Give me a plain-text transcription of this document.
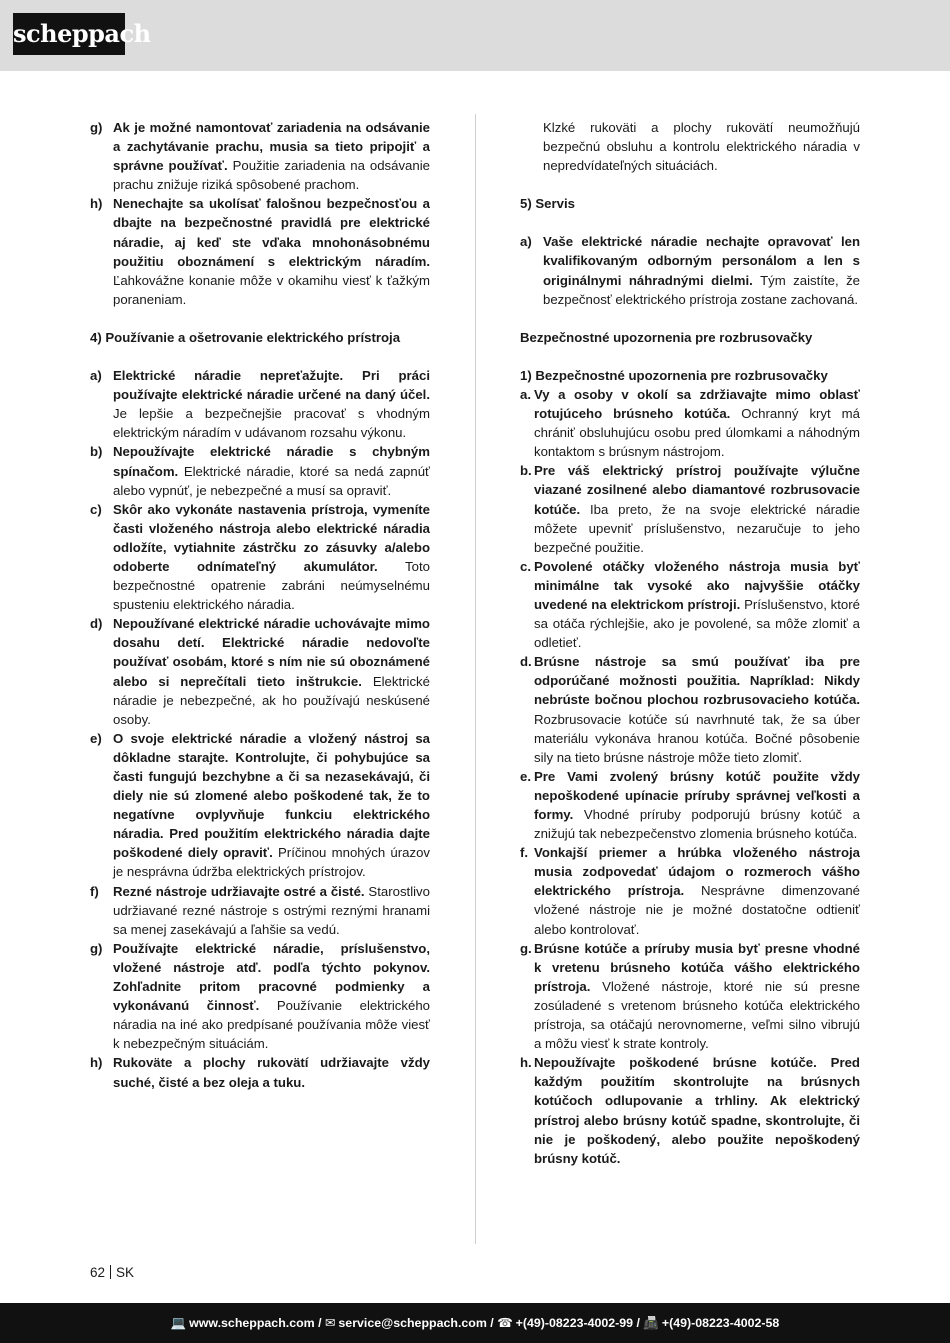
scheppach
g) Ak je možné namontovať zariadenia na odsávanie a zachytávanie prachu, musia sa tieto pripojiť a správne používať. Použitie zariadenia na odsávanie prachu znižuje riziká spôsobené prachom.
h) Nenechajte sa ukolísať falošnou bezpečnosťou a dbajte na bezpečnostné pravidlá pre elektrické náradie, aj keď ste vďaka mnohonásobnému použitiu oboznámení s elektrickým náradím. Ľahkovážne konanie môže v okamihu viesť k ťažkým poraneniam.
4) Používanie a ošetrovanie elektrického prístroja
a) Elektrické náradie nepreťažujte. Pri práci používajte elektrické náradie určené na daný účel. Je lepšie a bezpečnejšie pracovať s vhodným elektrickým náradím v udávanom rozsahu výkonu.
b) Nepoužívajte elektrické náradie s chybným spínačom. Elektrické náradie, ktoré sa nedá zapnúť alebo vypnúť, je nebezpečné a musí sa opraviť.
c) Skôr ako vykonáte nastavenia prístroja, vymeníte časti vloženého nástroja alebo elektrické náradia odložíte, vytiahnite zástrčku zo zásuvky a/alebo odoberte odnímateľný akumulátor. Toto bezpečnostné opatrenie zabráni neúmyselnému spusteniu elektrického náradia.
d) Nepoužívané elektrické náradie uchovávajte mimo dosahu detí. Elektrické náradie nedovoľte používať osobám, ktoré s ním nie sú oboznámené alebo si neprečítali tieto inštrukcie. Elektrické náradie je nebezpečné, ak ho používajú neskúsené osoby.
e) O svoje elektrické náradie a vložený nástroj sa dôkladne starajte. Kontrolujte, či pohybujúce sa časti fungujú bezchybne a či sa nezasekávajú, či diely nie sú zlomené alebo poškodené tak, že to negatívne ovplyvňuje funkciu elektrického náradia. Pred použitím elektrického náradia dajte poškodené diely opraviť. Príčinou mnohých úrazov je nesprávna údržba elektrických prístrojov.
f) Rezné nástroje udržiavajte ostré a čisté. Starostlivo udržiavané rezné nástroje s ostrými reznými hranami sa menej zasekávajú a ľahšie sa vedú.
g) Používajte elektrické náradie, príslušenstvo, vložené nástroje atď. podľa týchto pokynov. Zohľadnite pritom pracovné podmienky a vykonávanú činnosť. Používanie elektrického náradia na iné ako predpísané používania môže viesť k nebezpečným situáciám.
h) Rukoväte a plochy rukovätí udržiavajte vždy suché, čisté a bez oleja a tuku.
Klzké rukoväti a plochy rukovätí neumožňujú bezpečnú obsluhu a kontrolu elektrického náradia v nepredvídateľných situáciách.
5) Servis
a) Vaše elektrické náradie nechajte opravovať len kvalifikovaným odborným personálom a len s originálnymi náhradnými dielmi. Tým zaistíte, že bezpečnosť elektrického prístroja zostane zachovaná.
Bezpečnostné upozornenia pre rozbrusovačky
1) Bezpečnostné upozornenia pre rozbrusovačky
a. Vy a osoby v okolí sa zdržiavajte mimo oblasť rotujúceho brúsneho kotúča. Ochranný kryt má chrániť obsluhujúcu osobu pred úlomkami a náhodným kontaktom s brúsnym nástrojom.
b. Pre váš elektrický prístroj používajte výlučne viazané zosilnené alebo diamantové rozbrusovacie kotúče. Iba preto, že na svoje elektrické náradie môžete upevniť príslušenstvo, nezaručuje to jeho bezpečné použitie.
c. Povolené otáčky vloženého nástroja musia byť minimálne tak vysoké ako najvyššie otáčky uvedené na elektrickom prístroji. Príslušenstvo, ktoré sa otáča rýchlejšie, ako je povolené, sa môže zlomiť a odletieť.
d. Brúsne nástroje sa smú používať iba pre odporúčané možnosti použitia. Napríklad: Nikdy nebrúste bočnou plochou rozbrusovacieho kotúča. Rozbrusovacie kotúče sú navrhnuté tak, že sa úber materiálu vykonáva hranou kotúča. Bočné pôsobenie sily na tieto brúsne nástroje môže tieto zlomiť.
e. Pre Vami zvolený brúsny kotúč použite vždy nepoškodené upínacie príruby správnej veľkosti a formy. Vhodné príruby podporujú brúsny kotúč a znižujú tak nebezpečenstvo zlomenia brúsneho kotúča.
f. Vonkajší priemer a hrúbka vloženého nástroja musia zodpovedať údajom o rozmeroch vášho elektrického prístroja. Nesprávne dimenzované vložené nástroje nie je možné dostatočne odtieniť alebo kontrolovať.
g. Brúsne kotúče a príruby musia byť presne vhodné k vretenu brúsneho kotúča vášho elektrického prístroja. Vložené nástroje, ktoré nie sú presne zosúladené s vretenom brúsneho kotúča elektrického prístroja, sa otáčajú nerovnomerne, veľmi silno vibrujú a môžu viesť k strate kontroly.
h. Nepoužívajte poškodené brúsne kotúče. Pred každým použitím skontrolujte na brúsnych kotúčoch odlupovanie a trhliny. Ak elektrický prístroj alebo brúsny kotúč spadne, skontrolujte, či nie je poškodený, alebo použite nepoškodený brúsny kotúč.
62 SK
💻 www.scheppach.com / ✉ service@scheppach.com / ☎ +(49)-08223-4002-99 / 📠 +(49)-08223-4002-58
